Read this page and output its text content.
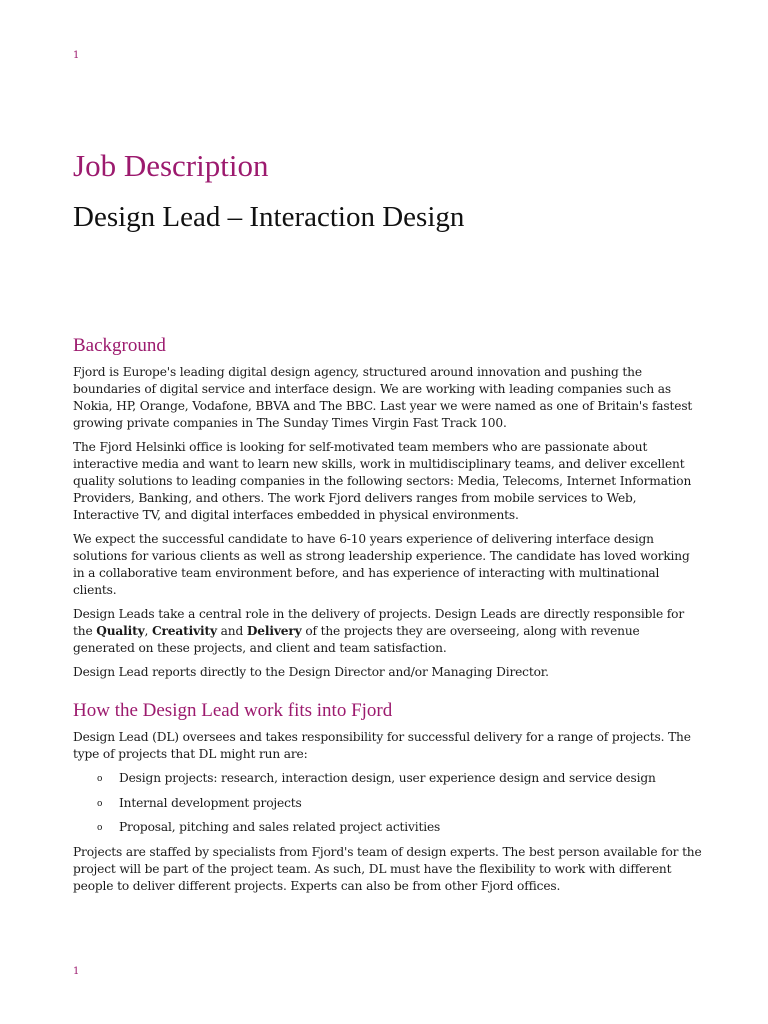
1
Job Description
Design Lead – Interaction Design
Background

Fjord is Europe's leading digital design agency, structured around innovation and pushing the boundaries of digital service and interface design. We are working with leading companies such as Nokia, HP, Orange, Vodafone, BBVA and The BBC. Last year we were named as one of Britain's fastest growing private companies in The Sunday Times Virgin Fast Track 100.

The Fjord Helsinki office is looking for self-motivated team members who are passionate about interactive media and want to learn new skills, work in multidisciplinary teams, and deliver excellent quality solutions to leading companies in the following sectors: Media, Telecoms, Internet Information Providers, Banking, and others. The work Fjord delivers ranges from mobile services to Web, Interactive TV, and digital interfaces embedded in physical environments.

We expect the successful candidate to have 6-10 years experience of delivering interface design solutions for various clients as well as strong leadership experience. The candidate has loved working in a collaborative team environment before, and has experience of interacting with multinational clients.

Design Leads take a central role in the delivery of projects. Design Leads are directly responsible for the Quality, Creativity and Delivery of the projects they are overseeing, along with revenue generated on these projects, and client and team satisfaction.

Design Lead reports directly to the Design Director and/or Managing Director.

How the Design Lead work fits into Fjord

Design Lead (DL) oversees and takes responsibility for successful delivery for a range of projects. The type of projects that DL might run are:

o Design projects: research, interaction design, user experience design and service design
o Internal development projects
o Proposal, pitching and sales related project activities

Projects are staffed by specialists from Fjord's team of design experts. The best person available for the project will be part of the project team. As such, DL must have the flexibility to work with different people to deliver different projects. Experts can also be from other Fjord offices.

1
